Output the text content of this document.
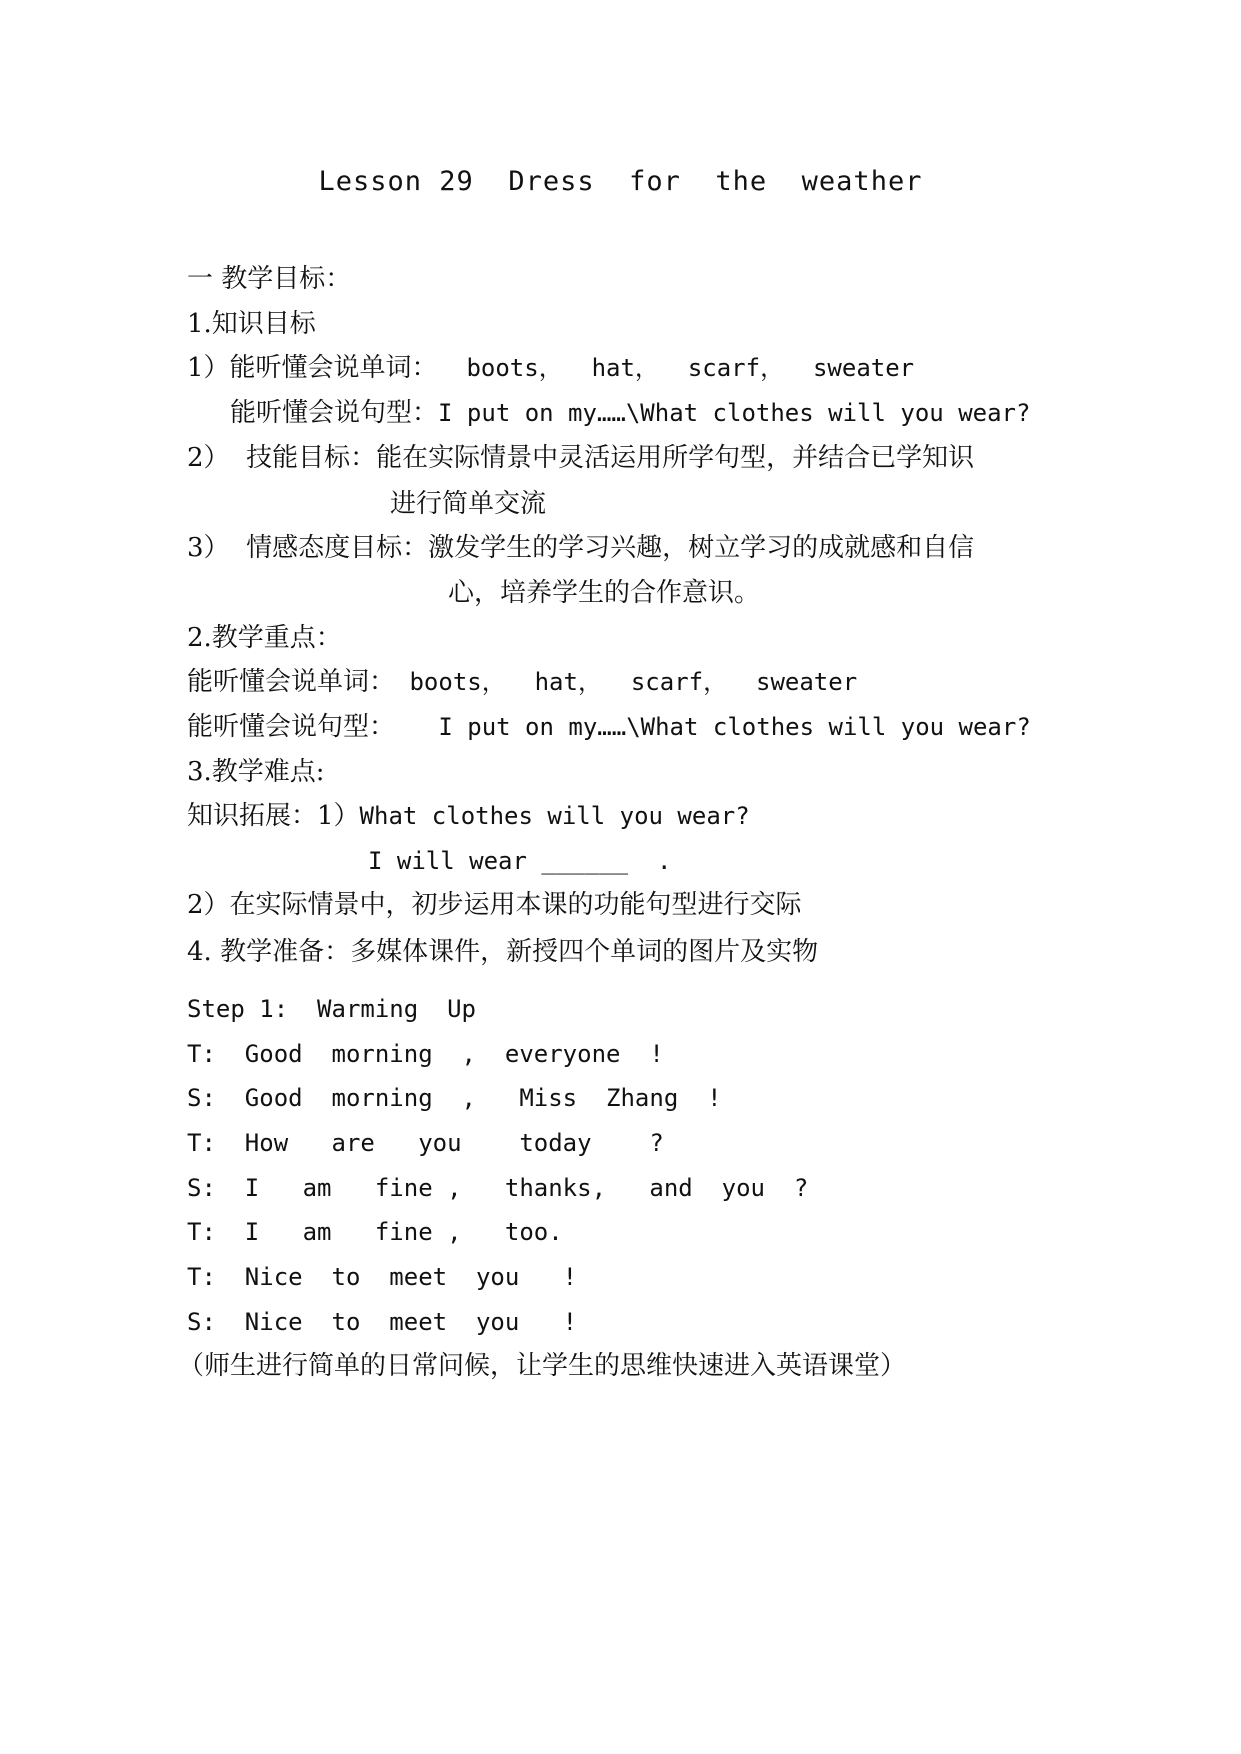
Lesson 29  Dress  for  the  weather
一 教学目标：
1.知识目标
1）能听懂会说单词：  boots，  hat，  scarf，  sweater
能听懂会说句型：I put on my……\What clothes will you wear?
2）  技能目标：能在实际情景中灵活运用所学句型，并结合已学知识
进行简单交流
3）  情感态度目标：激发学生的学习兴趣，树立学习的成就感和自信
心，培养学生的合作意识。
2.教学重点：
能听懂会说单词： boots，  hat，  scarf，  sweater
能听懂会说句型：   I put on my……\What clothes will you wear?
3.教学难点:
知识拓展：1）What clothes will you wear?
I will wear ______  .
2）在实际情景中，初步运用本课的功能句型进行交际
4. 教学准备：多媒体课件，新授四个单词的图片及实物
Step 1:  Warming  Up
T:  Good  morning  ,  everyone  !
S:  Good  morning  ,   Miss  Zhang  !
T:  How   are   you    today    ?
S:  I   am   fine ,   thanks,   and  you  ?
T:  I   am   fine ,   too.
T:  Nice  to  meet  you   !
S:  Nice  to  meet  you   !
（师生进行简单的日常问候，让学生的思维快速进入英语课堂）
